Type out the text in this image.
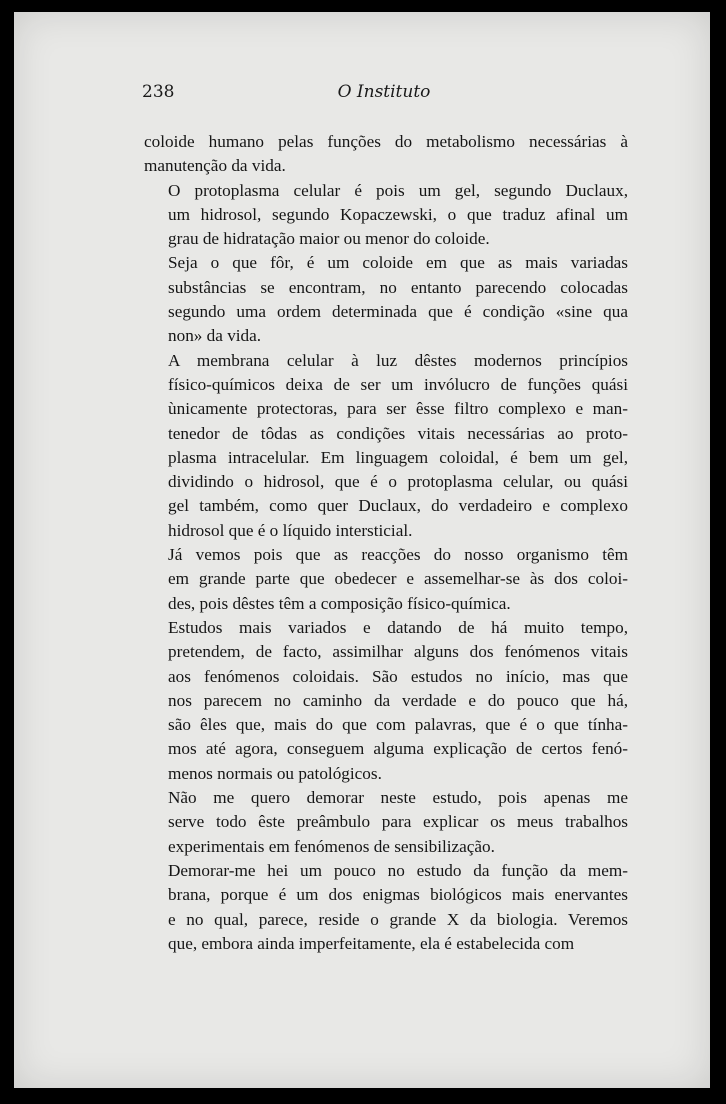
238	O Instituto

coloide humano pelas funções do metabolismo necessárias à
manutenção da vida.

O protoplasma celular é pois um gel, segundo Duclaux,
um hidrosol, segundo Kopaczewski, o que traduz afinal um
grau de hidratação maior ou menor do coloide.

Seja o que fôr, é um coloide em que as mais variadas
substâncias se encontram, no entanto parecendo colocadas
segundo uma ordem determinada que é condição «sine qua
non» da vida.

A membrana celular à luz dêstes modernos princípios
físico-químicos deixa de ser um invólucro de funções quási
ùnicamente protectoras, para ser êsse filtro complexo e man-
tenedor de tôdas as condições vitais necessárias ao proto-
plasma intracelular. Em linguagem coloidal, é bem um gel,
dividindo o hidrosol, que é o protoplasma celular, ou quási
gel também, como quer Duclaux, do verdadeiro e complexo
hidrosol que é o líquido intersticial.

Já vemos pois que as reacções do nosso organismo têm
em grande parte que obedecer e assemelhar-se às dos coloi-
des, pois dêstes têm a composição físico-química.

Estudos mais variados e datando de há muito tempo,
pretendem, de facto, assimilhar alguns dos fenómenos vitais
aos fenómenos coloidais. São estudos no início, mas que
nos parecem no caminho da verdade e do pouco que há,
são êles que, mais do que com palavras, que é o que tínha-
mos até agora, conseguem alguma explicação de certos fenó-
menos normais ou patológicos.

Não me quero demorar neste estudo, pois apenas me
serve todo êste preâmbulo para explicar os meus trabalhos
experimentais em fenómenos de sensibilização.

Demorar-me hei um pouco no estudo da função da mem-
brana, porque é um dos enigmas biológicos mais enervantes
e no qual, parece, reside o grande X da biologia. Veremos
que, embora ainda imperfeitamente, ela é estabelecida com
